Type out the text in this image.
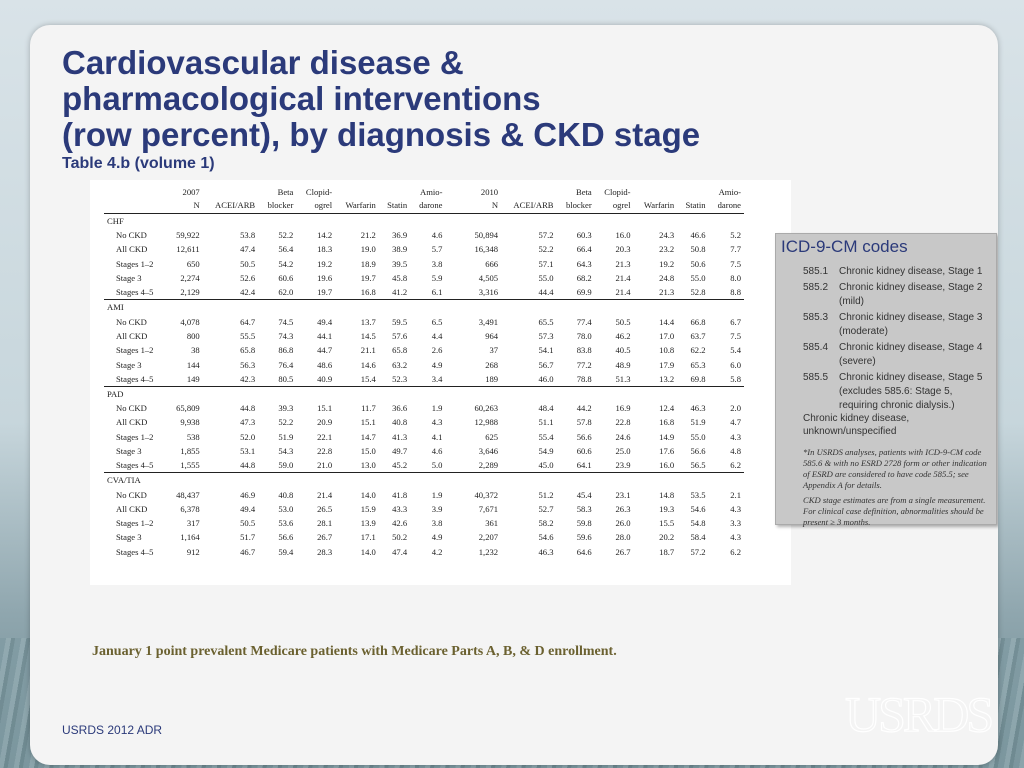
Cardiovascular disease &
pharmacological interventions
(row percent), by diagnosis & CKD stage
Table 4.b (volume 1)
	2007		Beta	Clopid-			Amio-		2010		Beta	Clopid-			Amio-
	N	ACEI/ARB	blocker	ogrel	Warfarin	Statin	darone		N	ACEI/ARB	blocker	ogrel	Warfarin	Statin	darone
CHF															
No CKD	59,922	53.8	52.2	14.2	21.2	36.9	4.6		50,894	57.2	60.3	16.0	24.3	46.6	5.2
All CKD	12,611	47.4	56.4	18.3	19.0	38.9	5.7		16,348	52.2	66.4	20.3	23.2	50.8	7.7
Stages 1–2	650	50.5	54.2	19.2	18.9	39.5	3.8		666	57.1	64.3	21.3	19.2	50.6	7.5
Stage 3	2,274	52.6	60.6	19.6	19.7	45.8	5.9		4,505	55.0	68.2	21.4	24.8	55.0	8.0
Stages 4–5	2,129	42.4	62.0	19.7	16.8	41.2	6.1		3,316	44.4	69.9	21.4	21.3	52.8	8.8
AMI															
No CKD	4,078	64.7	74.5	49.4	13.7	59.5	6.5		3,491	65.5	77.4	50.5	14.4	66.8	6.7
All CKD	800	55.5	74.3	44.1	14.5	57.6	4.4		964	57.3	78.0	46.2	17.0	63.7	7.5
Stages 1–2	38	65.8	86.8	44.7	21.1	65.8	2.6		37	54.1	83.8	40.5	10.8	62.2	5.4
Stage 3	144	56.3	76.4	48.6	14.6	63.2	4.9		268	56.7	77.2	48.9	17.9	65.3	6.0
Stages 4–5	149	42.3	80.5	40.9	15.4	52.3	3.4		189	46.0	78.8	51.3	13.2	69.8	5.8
PAD															
No CKD	65,809	44.8	39.3	15.1	11.7	36.6	1.9		60,263	48.4	44.2	16.9	12.4	46.3	2.0
All CKD	9,938	47.3	52.2	20.9	15.1	40.8	4.3		12,988	51.1	57.8	22.8	16.8	51.9	4.7
Stages 1–2	538	52.0	51.9	22.1	14.7	41.3	4.1		625	55.4	56.6	24.6	14.9	55.0	4.3
Stage 3	1,855	53.1	54.3	22.8	15.0	49.7	4.6		3,646	54.9	60.6	25.0	17.6	56.6	4.8
Stages 4–5	1,555	44.8	59.0	21.0	13.0	45.2	5.0		2,289	45.0	64.1	23.9	16.0	56.5	6.2
CVA/TIA															
No CKD	48,437	46.9	40.8	21.4	14.0	41.8	1.9		40,372	51.2	45.4	23.1	14.8	53.5	2.1
All CKD	6,378	49.4	53.0	26.5	15.9	43.3	3.9		7,671	52.7	58.3	26.3	19.3	54.6	4.3
Stages 1–2	317	50.5	53.6	28.1	13.9	42.6	3.8		361	58.2	59.8	26.0	15.5	54.8	3.3
Stage 3	1,164	51.7	56.6	26.7	17.1	50.2	4.9		2,207	54.6	59.6	28.0	20.2	58.4	4.3
Stages 4–5	912	46.7	59.4	28.3	14.0	47.4	4.2		1,232	46.3	64.6	26.7	18.7	57.2	6.2
ICD-9-CM codes
585.1	Chronic kidney disease, Stage 1
585.2	Chronic kidney disease, Stage 2 (mild)
585.3	Chronic kidney disease, Stage 3 (moderate)
585.4	Chronic kidney disease, Stage 4 (severe)
585.5	Chronic kidney disease, Stage 5 (excludes 585.6: Stage 5, requiring chronic dialysis.)
Chronic kidney disease, unknown/unspecified
*In USRDS analyses, patients with ICD-9-CM code 585.6 & with no ESRD 2728 form or other indication of ESRD are considered to have code 585.5; see Appendix A for details.
CKD stage estimates are from a single measurement. For clinical case definition, abnormalities should be present ≥ 3 months.
January 1 point prevalent Medicare patients with Medicare Parts A, B, & D enrollment.
USRDS 2012 ADR	USRDS
